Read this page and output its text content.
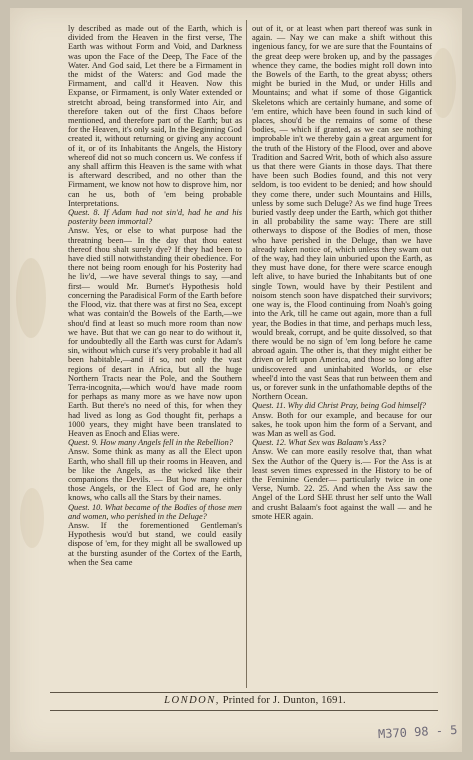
ly described as made out of the Earth, which is divided from the Heaven in the first verse, The Earth was without Form and Void, and Darkness was upon the Face of the Deep, The Face of the Water. And God said, Let there be a Firmament in the midst of the Waters: and God made the Firmament, and call'd it Heaven. Now this Expanse, or Firmament, is only Water extended or stretcht abroad, being transformed into Air, and therefore taken out of the first Chaos before mentioned, and therefore part of the Earth; but as for the Heaven, it's only said, In the Beginning God created it, without returning or giving any account of it, or of its Inhabitants the Angels, the History whereof did not so much concern us. We confess if any shall affirm this Heaven is the same with what is afterward described, and no other than the Firmament, we know not how to disprove him, nor can he us, both of 'em being probable Interpretations.

Quest. 8. If Adam had not sin'd, had he and his posterity been immortal?

Answ. Yes, or else to what purpose had the threatning been— In the day that thou eatest thereof thou shalt surely dye? If they had been to have died still notwithstanding their obedience. For there not being room enough for his Posterity had he liv'd, —we have several things to say, —and first— would Mr. Burnet's Hypothesis hold concerning the Paradisical Form of the Earth before the Flood, viz. that there was at first no Sea, except what was contain'd the Bowels of the Earth,—we shou'd find at least so much more room than now we have. But that we can go near to do without it, for undoubtedly all the Earth was curst for Adam's sin, without which curse it's very probable it had all been habitable,—and if so, not only the vast regions of desart in Africa, but all the huge Northern Tracts near the Pole, and the Southern Terra-incognita,—which wou'd have made room for perhaps as many more as we have now upon Earth. But there's no need of this, for when they had lived as long as God thought fit, perhaps a 1000 years, they might have been translated to Heaven as Enoch and Elias were.

Quest. 9. How many Angels fell in the Rebellion?

Answ. Some think as many as all the Elect upon Earth, who shall fill up their rooms in Heaven, and be like the Angels, as the wicked like their companions the Devils. — But how many either those Angels, or the Elect of God are, he only knows, who calls all the Stars by their names.

Quest. 10. What became of the Bodies of those men and women, who perished in the Deluge?

Answ. If the forementioned Gentleman's Hypothesis wou'd but stand, we could easily dispose of 'em, for they might all be swallowed up at the bursting asunder of the Cortex of the Earth, when the Sea came

out of it, or at least when part thereof was sunk in again. — Nay we can make a shift without this ingenious fancy, for we are sure that the Fountains of the great deep were broken up, and by the passages whence they came, the bodies might roll down into the Bowels of the Earth, to the great abyss; others might be buried in the Mud, or under Hills and Mountains; and what if some of those Gigantick Skeletons which are certainly humane, and some of 'em entire, which have been found in such kind of places, shou'd be the remains of some of these bodies, — which if granted, as we can see nothing improbable in't we thereby gain a great argument for the truth of the History of the Flood, over and above Tradition and Sacred Writ, both of which also assure us that there were Giants in those days. That there have been such Bodies found, and this not very seldom, is too evident to be denied; and how should they come there, under such Mountains and Hills, unless by some such Deluge? As we find huge Trees buried vastly deep under the Earth, which got thither in all probability the same way: There are still otherways to dispose of the Bodies of men, those who have perished in the Deluge, than we have already taken notice of, which unless they swam out of the way, had they lain unburied upon the Earth, as they must have done, for there were scarce enough left alive, to have buried the Inhabitants but of one single Town, would have by their Pestilent and noisom stench soon have dispatched their survivors; one way is, the Flood continuing from Noah's going into the Ark, till he came out again, more than a full year, the Bodies in that time, and perhaps much less, would break, corrupt, and be quite dissolved, so that there would be no sign of 'em long before he came abroad again. The other is, that they might either be driven or left upon America, and those so long after undiscovered and uninhabited Worlds, or else wheel'd into the vast Seas that run between them and us, or forever sunk in the unfathomable depths of the Northern Ocean.

Quest. 11. Why did Christ Pray, being God himself?

Answ. Both for our example, and because for our sakes, he took upon him the form of a Servant, and was Man as well as God.

Quest. 12. What Sex was Balaam's Ass?

Answ. We can more easily resolve that, than what Sex the Author of the Query is.— For the Ass is at least seven times expressed in the History to be of the Feminine Gender— particularly twice in one Verse, Numb. 22. 25. And when the Ass saw the Angel of the Lord SHE thrust her self unto the Wall and crusht Balaam's foot against the wall — and he smote HER again.

LONDON, Printed for J. Dunton, 1691.
M370 98 - 5
